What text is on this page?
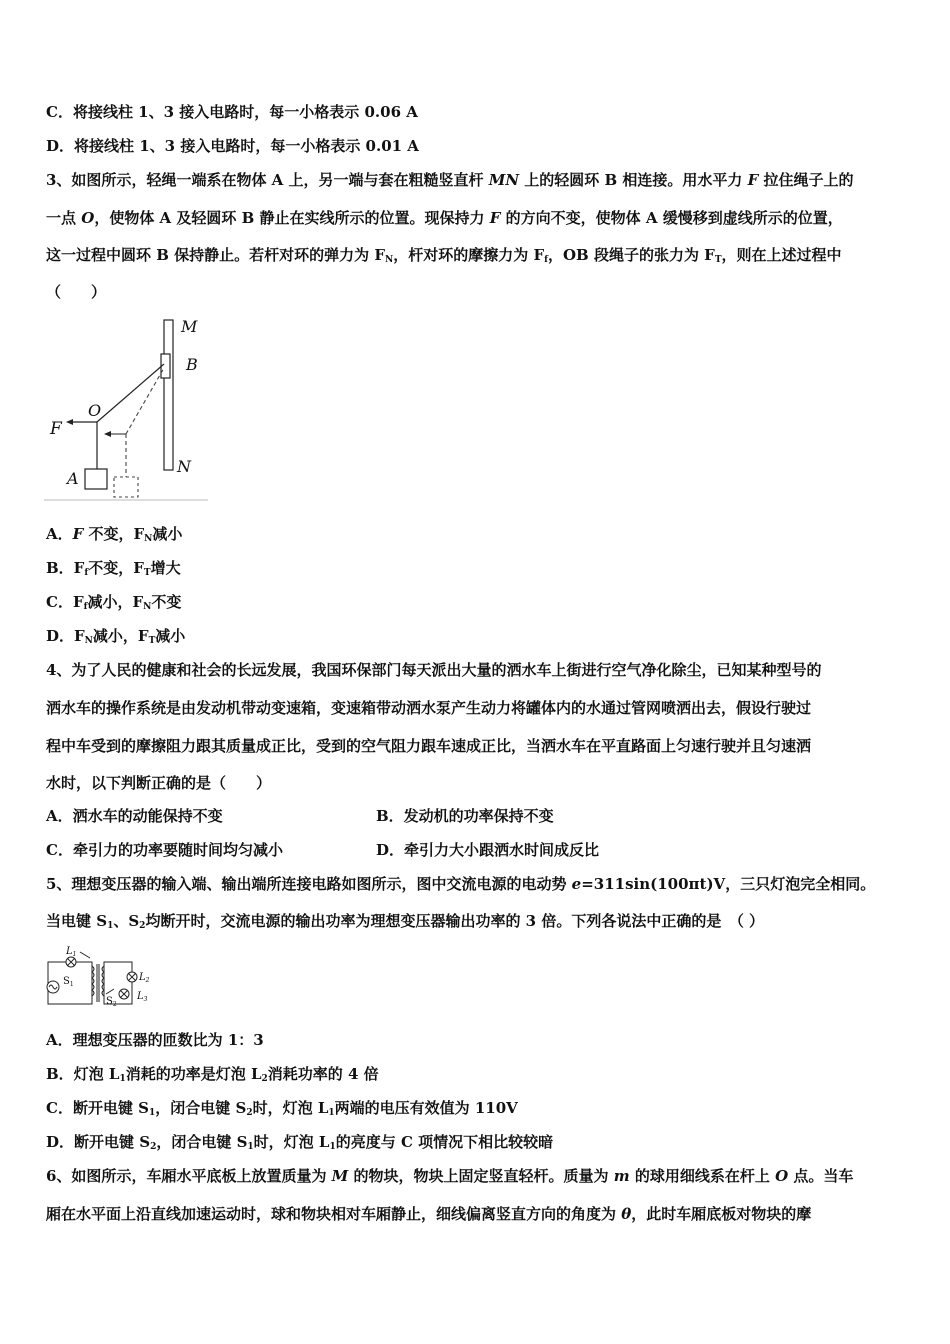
C．将接线柱 1、3 接入电路时，每一小格表示 0.06 A
D．将接线柱 1、3 接入电路时，每一小格表示 0.01 A
3、如图所示，轻绳一端系在物体 A 上，另一端与套在粗糙竖直杆 MN 上的轻圆环 B 相连接。用水平力 F 拉住绳子上的
一点 O，使物体 A 及轻圆环 B 静止在实线所示的位置。现保持力 F 的方向不变，使物体 A 缓慢移到虚线所示的位置，
这一过程中圆环 B 保持静止。若杆对环的弹力为 $F_N$，杆对环的摩擦力为 $F_f$，OB 段绳子的张力为 $F_T$，则在上述过程中
（　　）
M
B
O
F
A
N
A．F 不变，$F_N$减小
B．$F_f$不变，$F_T$增大
C．$F_f$减小，$F_N$不变
D．$F_N$减小，$F_T$减小
4、为了人民的健康和社会的长远发展，我国环保部门每天派出大量的洒水车上街进行空气净化除尘，已知某种型号的
洒水车的操作系统是由发动机带动变速箱，变速箱带动洒水泵产生动力将罐体内的水通过管网喷洒出去，假设行驶过
程中车受到的摩擦阻力跟其质量成正比，受到的空气阻力跟车速成正比，当洒水车在平直路面上匀速行驶并且匀速洒
水时，以下判断正确的是（　　）
A．洒水车的动能保持不变	B．发动机的功率保持不变
C．牵引力的功率要随时间均匀减小	D．牵引力大小跟洒水时间成反比
5、理想变压器的输入端、输出端所连接电路如图所示，图中交流电源的电动势 e=311sin(100πt)V，三只灯泡完全相同。
当电键 $S_1$、$S_2$均断开时，交流电源的输出功率为理想变压器输出功率的 3 倍。下列各说法中正确的是　（ ）
$L_1$
$S_1$
$L_2$
$S_2$
$L_3$
A．理想变压器的匝数比为 1：3
B．灯泡 $L_1$消耗的功率是灯泡 $L_2$消耗功率的 4 倍
C．断开电键 $S_1$，闭合电键 $S_2$时，灯泡 $L_1$两端的电压有效值为 110V
D．断开电键 $S_2$，闭合电键 $S_1$时，灯泡 $L_1$的亮度与 C 项情况下相比较较暗
6、如图所示，车厢水平底板上放置质量为 M 的物块，物块上固定竖直轻杆。质量为 m 的球用细线系在杆上 O 点。当车
厢在水平面上沿直线加速运动时，球和物块相对车厢静止，细线偏离竖直方向的角度为 θ，此时车厢底板对物块的摩
